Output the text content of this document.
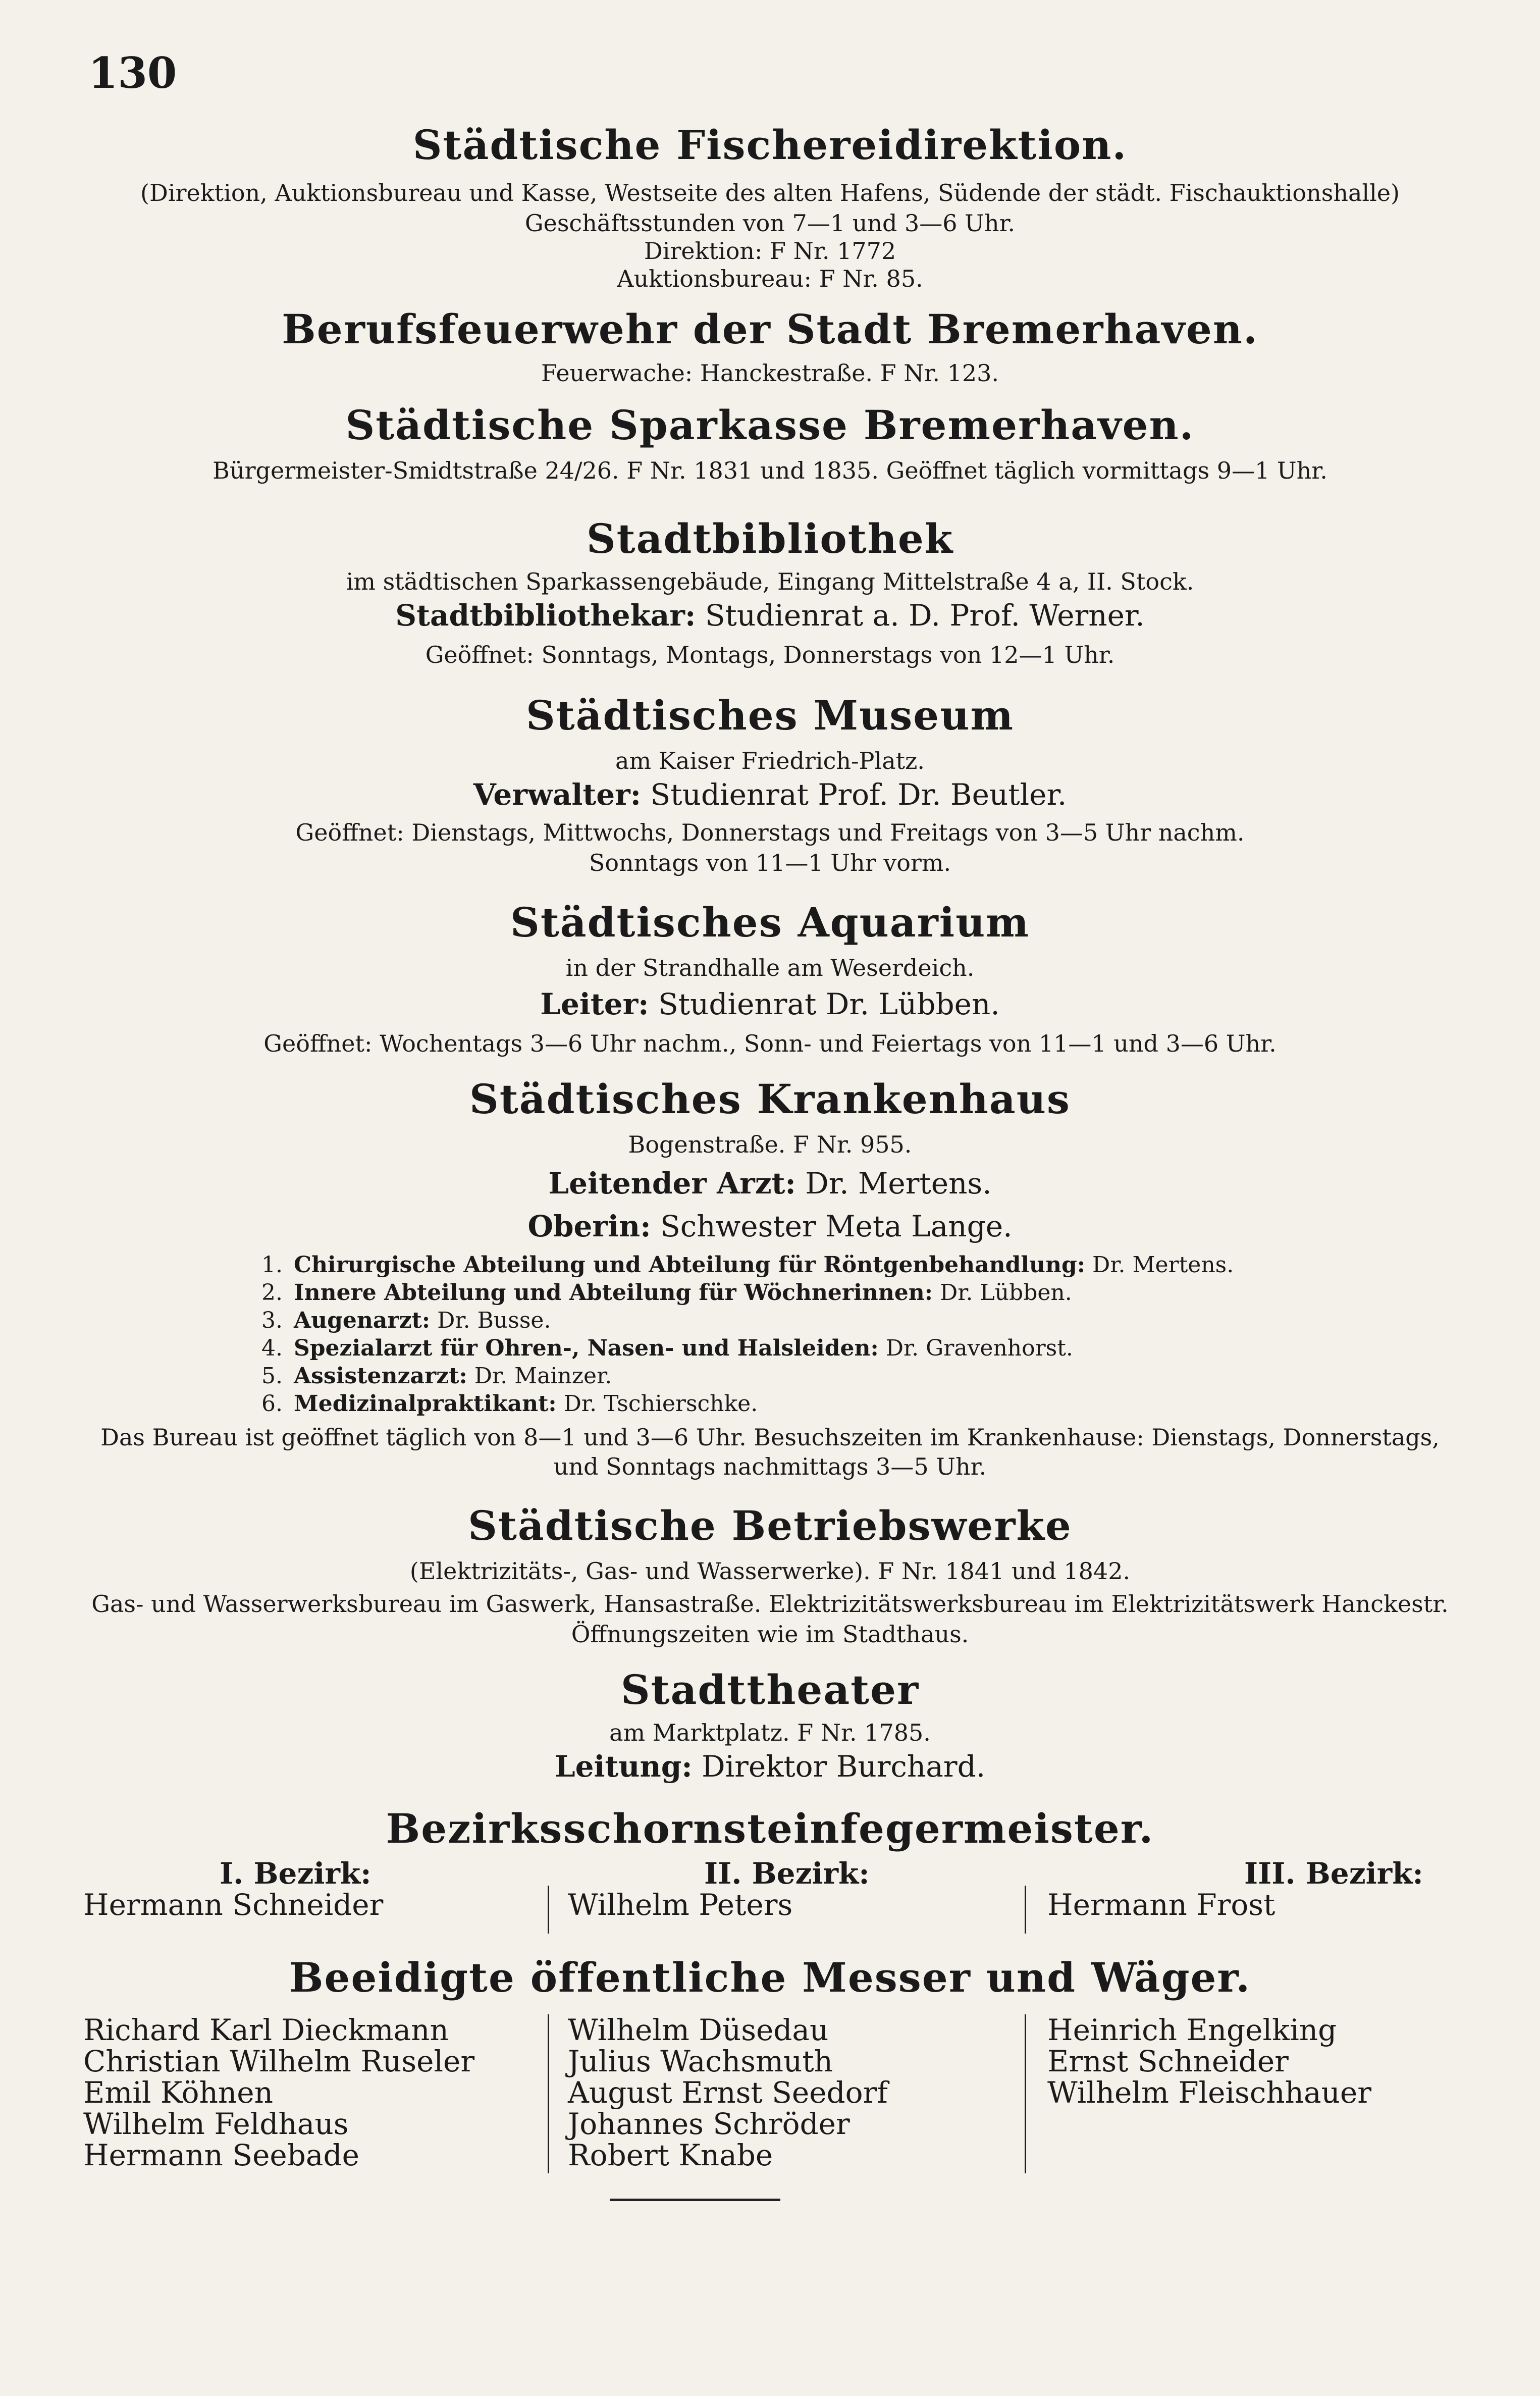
130
Städtische Fischereidirektion.
(Direktion, Auktionsbureau und Kasse, Westseite des alten Hafens, Südende der städt. Fischauktionshalle)
Geschäftsstunden von 7—1 und 3—6 Uhr.
Direktion: F Nr. 1772
Auktionsbureau: F Nr. 85.
Berufsfeuerwehr der Stadt Bremerhaven.
Feuerwache: Hanckestraße. F Nr. 123.
Städtische Sparkasse Bremerhaven.
Bürgermeister-Smidtstraße 24/26. F Nr. 1831 und 1835. Geöffnet täglich vormittags 9—1 Uhr.
Stadtbibliothek
im städtischen Sparkassengebäude, Eingang Mittelstraße 4 a, II. Stock.
Stadtbibliothekar: Studienrat a. D. Prof. Werner.
Geöffnet: Sonntags, Montags, Donnerstags von 12—1 Uhr.
Städtisches Museum
am Kaiser Friedrich-Platz.
Verwalter: Studienrat Prof. Dr. Beutler.
Geöffnet: Dienstags, Mittwochs, Donnerstags und Freitags von 3—5 Uhr nachm.
Sonntags von 11—1 Uhr vorm.
Städtisches Aquarium
in der Strandhalle am Weserdeich.
Leiter: Studienrat Dr. Lübben.
Geöffnet: Wochentags 3—6 Uhr nachm., Sonn- und Feiertags von 11—1 und 3—6 Uhr.
Städtisches Krankenhaus
Bogenstraße. F Nr. 955.
Leitender Arzt: Dr. Mertens.
Oberin: Schwester Meta Lange.
1. Chirurgische Abteilung und Abteilung für Röntgenbehandlung: Dr. Mertens.
2. Innere Abteilung und Abteilung für Wöchnerinnen: Dr. Lübben.
3. Augenarzt: Dr. Busse.
4. Spezialarzt für Ohren-, Nasen- und Halsleiden: Dr. Gravenhorst.
5. Assistenzarzt: Dr. Mainzer.
6. Medizinalpraktikant: Dr. Tschierschke.
Das Bureau ist geöffnet täglich von 8—1 und 3—6 Uhr. Besuchszeiten im Krankenhause: Dienstags, Donnerstags,
und Sonntags nachmittags 3—5 Uhr.
Städtische Betriebswerke
(Elektrizitäts-, Gas- und Wasserwerke). F Nr. 1841 und 1842.
Gas- und Wasserwerksbureau im Gaswerk, Hansastraße. Elektrizitätswerksbureau im Elektrizitätswerk Hanckestr.
Öffnungszeiten wie im Stadthaus.
Stadttheater
am Marktplatz. F Nr. 1785.
Leitung: Direktor Burchard.
Bezirksschornsteinfegermeister.
I. Bezirk:
Hermann Schneider
II. Bezirk:
Wilhelm Peters
III. Bezirk:
Hermann Frost
Beeidigte öffentliche Messer und Wäger.
Richard Karl Dieckmann
Christian Wilhelm Ruseler
Emil Köhnen
Wilhelm Feldhaus
Hermann Seebade
Wilhelm Düsedau
Julius Wachsmuth
August Ernst Seedorf
Johannes Schröder
Robert Knabe
Heinrich Engelking
Ernst Schneider
Wilhelm Fleischhauer
